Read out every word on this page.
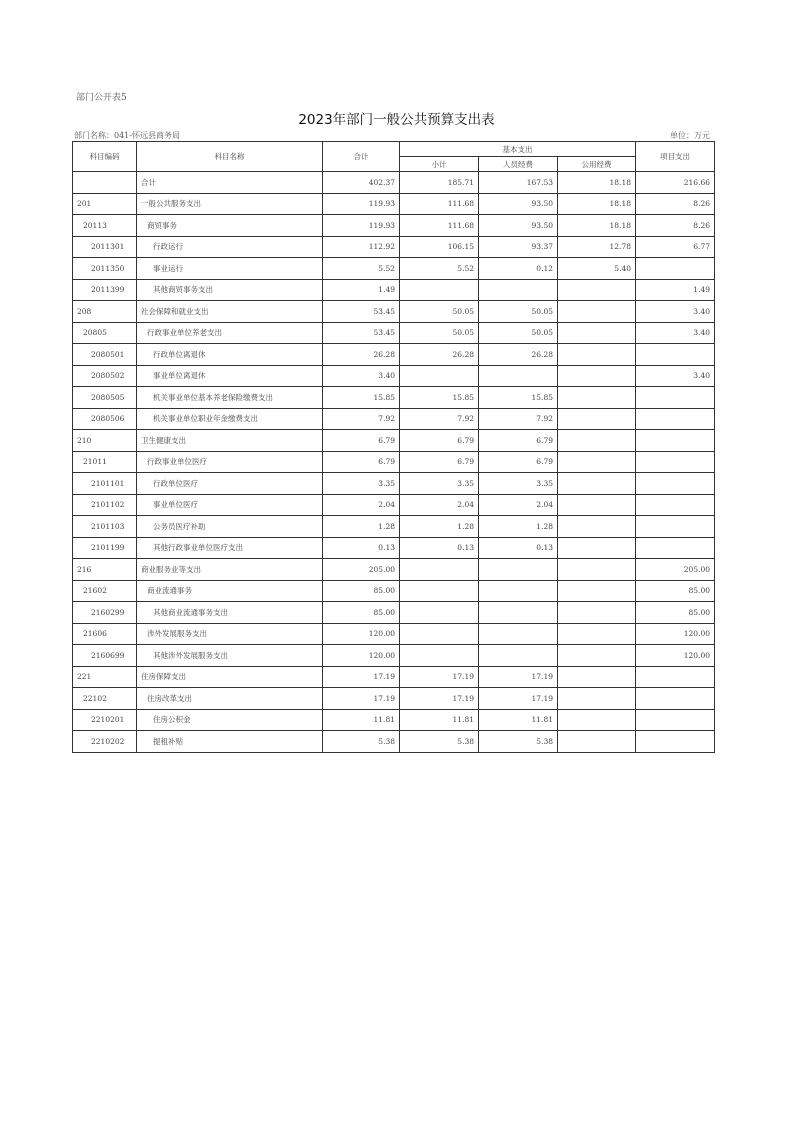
部门公开表5
2023年部门一般公共预算支出表
部门名称：041-怀远县商务局	单位：万元
科目编码	科目名称	合计	基本支出			项目支出
			小计	人员经费	公用经费	
	合计	402.37	185.71	167.53	18.18	216.66
201	一般公共服务支出	119.93	111.68	93.50	18.18	8.26
20113	商贸事务	119.93	111.68	93.50	18.18	8.26
2011301	行政运行	112.92	106.15	93.37	12.78	6.77
2011350	事业运行	5.52	5.52	0.12	5.40	
2011399	其他商贸事务支出	1.49				1.49
208	社会保障和就业支出	53.45	50.05	50.05		3.40
20805	行政事业单位养老支出	53.45	50.05	50.05		3.40
2080501	行政单位离退休	26.28	26.28	26.28		
2080502	事业单位离退休	3.40				3.40
2080505	机关事业单位基本养老保险缴费支出	15.85	15.85	15.85		
2080506	机关事业单位职业年金缴费支出	7.92	7.92	7.92		
210	卫生健康支出	6.79	6.79	6.79		
21011	行政事业单位医疗	6.79	6.79	6.79		
2101101	行政单位医疗	3.35	3.35	3.35		
2101102	事业单位医疗	2.04	2.04	2.04		
2101103	公务员医疗补助	1.28	1.28	1.28		
2101199	其他行政事业单位医疗支出	0.13	0.13	0.13		
216	商业服务业等支出	205.00				205.00
21602	商业流通事务	85.00				85.00
2160299	其他商业流通事务支出	85.00				85.00
21606	涉外发展服务支出	120.00				120.00
2160699	其他涉外发展服务支出	120.00				120.00
221	住房保障支出	17.19	17.19	17.19		
22102	住房改革支出	17.19	17.19	17.19		
2210201	住房公积金	11.81	11.81	11.81		
2210202	提租补贴	5.38	5.38	5.38		
